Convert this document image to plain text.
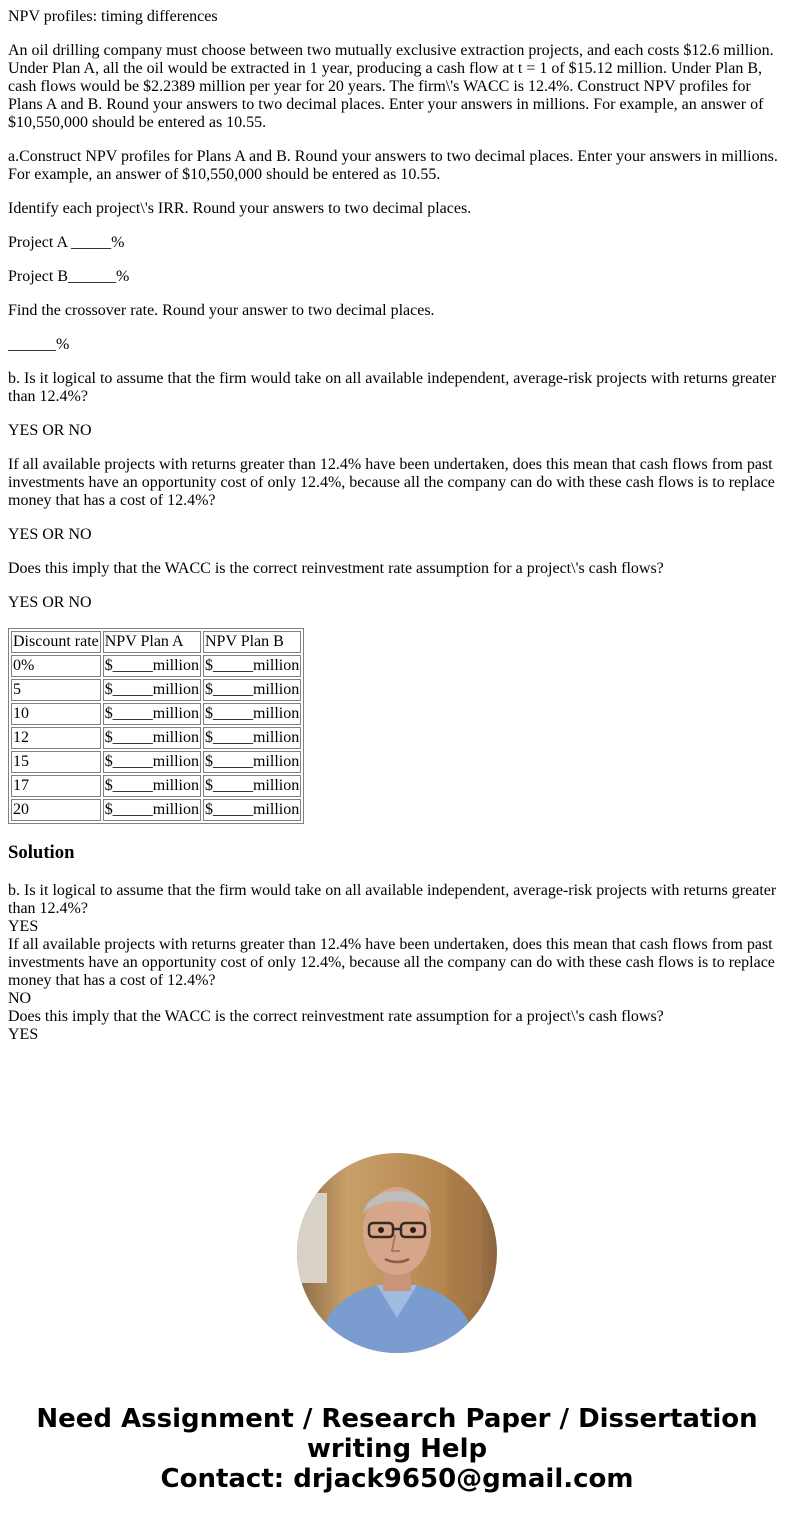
NPV profiles: timing differences

An oil drilling company must choose between two mutually exclusive extraction projects, and each costs $12.6 million. Under Plan A, all the oil would be extracted in 1 year, producing a cash flow at t = 1 of $15.12 million. Under Plan B, cash flows would be $2.2389 million per year for 20 years. The firm\'s WACC is 12.4%. Construct NPV profiles for Plans A and B. Round your answers to two decimal places. Enter your answers in millions. For example, an answer of $10,550,000 should be entered as 10.55.

a.Construct NPV profiles for Plans A and B. Round your answers to two decimal places. Enter your answers in millions. For example, an answer of $10,550,000 should be entered as 10.55.

Identify each project\'s IRR. Round your answers to two decimal places.

Project A _____%

Project B______%

Find the crossover rate. Round your answer to two decimal places.

______%

b. Is it logical to assume that the firm would take on all available independent, average-risk projects with returns greater than 12.4%?

YES OR NO

If all available projects with returns greater than 12.4% have been undertaken, does this mean that cash flows from past investments have an opportunity cost of only 12.4%, because all the company can do with these cash flows is to replace money that has a cost of 12.4%?

YES OR NO

Does this imply that the WACC is the correct reinvestment rate assumption for a project\'s cash flows?

YES OR NO

Discount rate	NPV Plan A	NPV Plan B
0%	$_____million	$_____million
5	$_____million	$_____million
10	$_____million	$_____million
12	$_____million	$_____million
15	$_____million	$_____million
17	$_____million	$_____million
20	$_____million	$_____million
Solution
b. Is it logical to assume that the firm would take on all available independent, average-risk projects with returns greater than 12.4%?
YES
If all available projects with returns greater than 12.4% have been undertaken, does this mean that cash flows from past investments have an opportunity cost of only 12.4%, because all the company can do with these cash flows is to replace money that has a cost of 12.4%?
NO
Does this imply that the WACC is the correct reinvestment rate assumption for a project\'s cash flows?
YES
Need Assignment / Research Paper / Dissertation writing Help
Contact: drjack9650@gmail.com
